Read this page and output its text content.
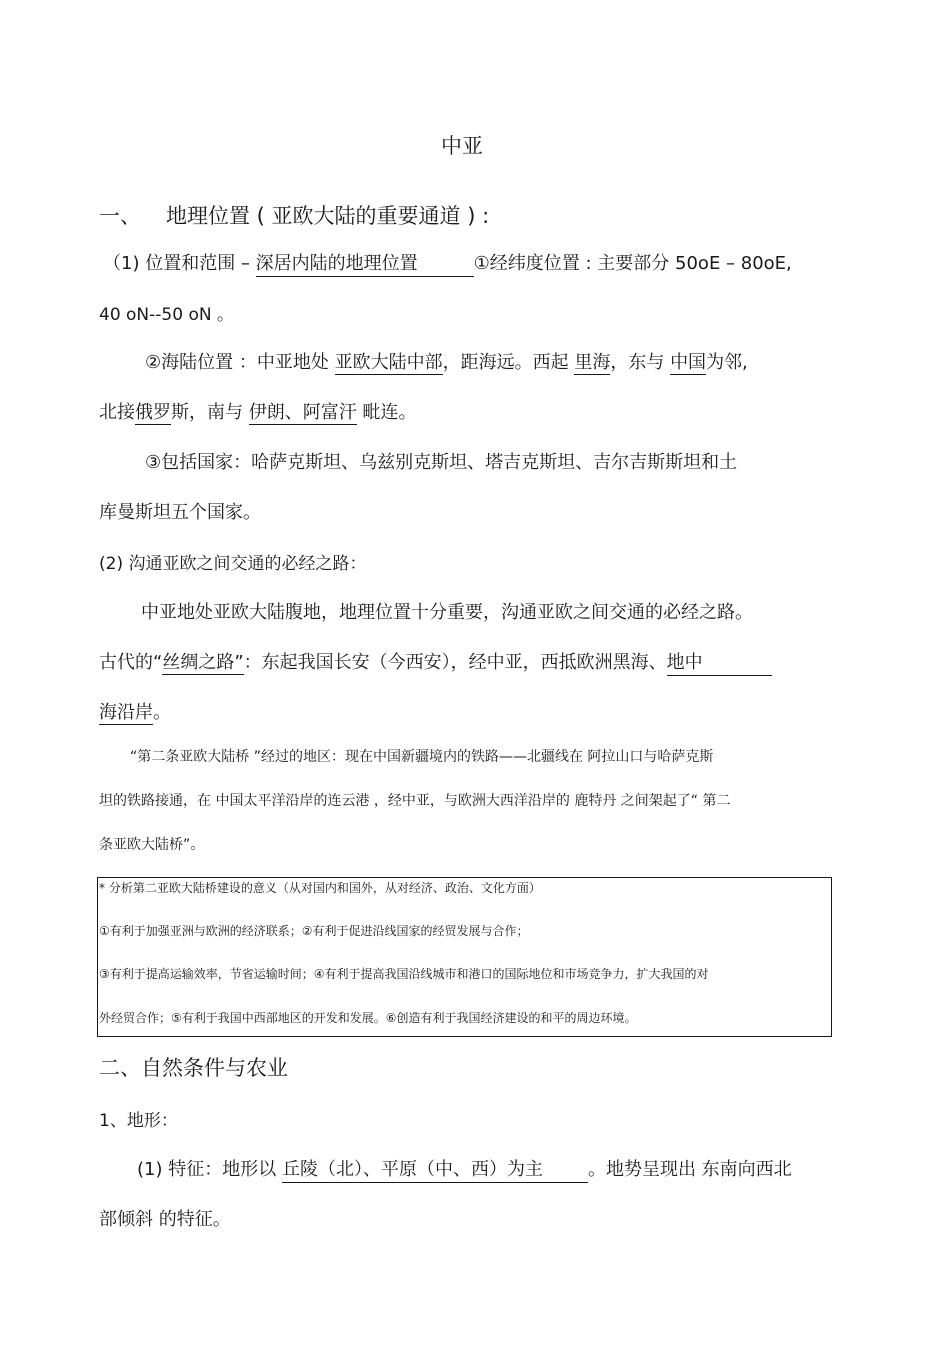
中亚
一、 地理位置 ( 亚欧大陆的重要通道 ) :
（1) 位置和范围 – 深居内陆的地理位置	①经纬度位置 : 主要部分 50oE – 80oE,
40 oN--50 oN 。
②海陆位置 ：中亚地处 亚欧大陆中部，距海远。西起 里海，东与 中国为邻,
北接俄罗斯，南与 伊朗、阿富汗 毗连。
③包括国家：哈萨克斯坦、乌兹别克斯坦、塔吉克斯坦、吉尔吉斯斯坦和土
库曼斯坦五个国家。
(2) 沟通亚欧之间交通的必经之路：
中亚地处亚欧大陆腹地，地理位置十分重要，沟通亚欧之间交通的必经之路。
古代的“丝绸之路”：东起我国长安（今西安），经中亚，西抵欧洲黑海、地中
海沿岸。
“第二条亚欧大陆桥 ”经过的地区：现在中国新疆境内的铁路——北疆线在 阿拉山口与哈萨克斯
坦的铁路接通，在 中国太平洋沿岸的连云港 ，经中亚，与欧洲大西洋沿岸的 鹿特丹 之间架起了“ 第二
条亚欧大陆桥”。
* 分析第二亚欧大陆桥建设的意义（从对国内和国外，从对经济、政治、文化方面）
①有利于加强亚洲与欧洲的经济联系；②有利于促进沿线国家的经贸发展与合作；
③有利于提高运输效率，节省运输时间；④有利于提高我国沿线城市和港口的国际地位和市场竞争力，扩大我国的对
外经贸合作；⑤有利于我国中西部地区的开发和发展。⑥创造有利于我国经济建设的和平的周边环境。
二、自然条件与农业
1、地形：
(1) 特征：地形以 丘陵（北）、平原（中、西）为主	。地势呈现出 东南向西北
部倾斜 的特征。
